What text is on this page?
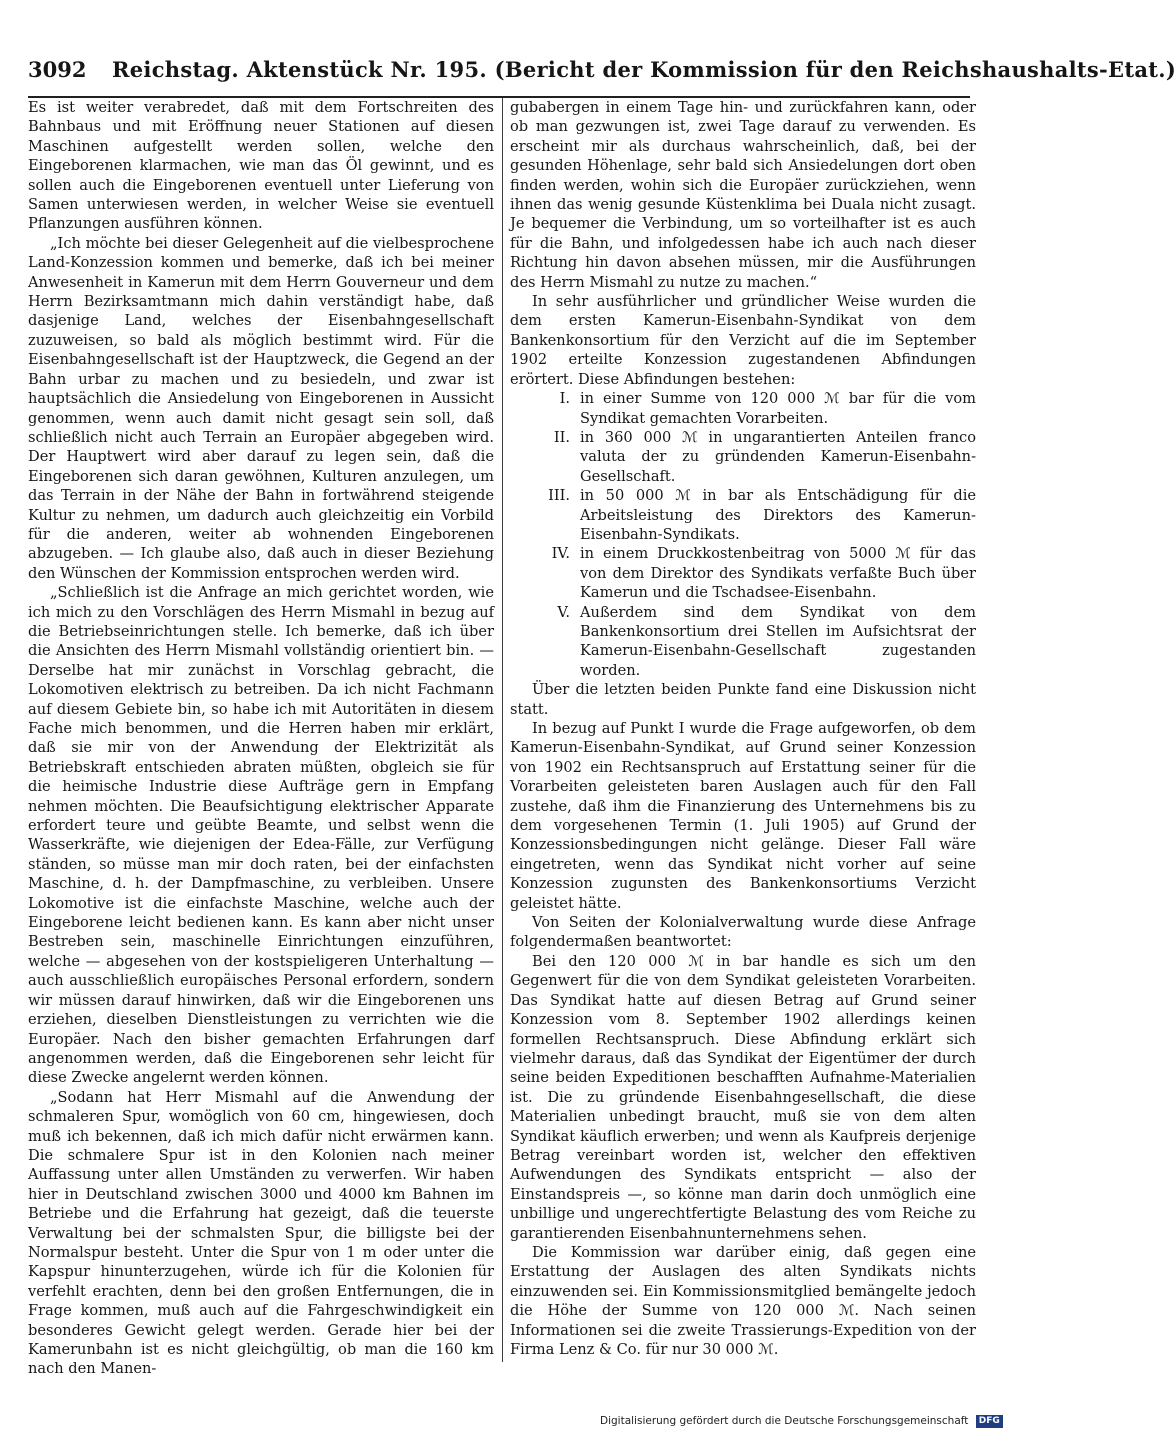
3092 Reichstag. Aktenstück Nr. 195. (Bericht der Kommission für den Reichshaushalts-Etat.)

Es ist weiter verabredet, daß mit dem Fortschreiten des Bahnbaus und mit Eröffnung neuer Stationen auf diesen Maschinen aufgestellt werden sollen, welche den Eingeborenen klarmachen, wie man das Öl gewinnt, und es sollen auch die Eingeborenen eventuell unter Lieferung von Samen unterwiesen werden, in welcher Weise sie eventuell Pflanzungen ausführen können.

„Ich möchte bei dieser Gelegenheit auf die vielbesprochene Land-Konzession kommen und bemerke, daß ich bei meiner Anwesenheit in Kamerun mit dem Herrn Gouverneur und dem Herrn Bezirksamtmann mich dahin verständigt habe, daß dasjenige Land, welches der Eisenbahngesellschaft zuzuweisen, so bald als möglich bestimmt wird. Für die Eisenbahngesellschaft ist der Hauptzweck, die Gegend an der Bahn urbar zu machen und zu besiedeln, und zwar ist hauptsächlich die Ansiedelung von Eingeborenen in Aussicht genommen, wenn auch damit nicht gesagt sein soll, daß schließlich nicht auch Terrain an Europäer abgegeben wird. Der Hauptwert wird aber darauf zu legen sein, daß die Eingeborenen sich daran gewöhnen, Kulturen anzulegen, um das Terrain in der Nähe der Bahn in fortwährend steigende Kultur zu nehmen, um dadurch auch gleichzeitig ein Vorbild für die anderen, weiter ab wohnenden Eingeborenen abzugeben. — Ich glaube also, daß auch in dieser Beziehung den Wünschen der Kommission entsprochen werden wird.

„Schließlich ist die Anfrage an mich gerichtet worden, wie ich mich zu den Vorschlägen des Herrn Mismahl in bezug auf die Betriebseinrichtungen stelle. Ich bemerke, daß ich über die Ansichten des Herrn Mismahl vollständig orientiert bin. — Derselbe hat mir zunächst in Vorschlag gebracht, die Lokomotiven elektrisch zu betreiben. Da ich nicht Fachmann auf diesem Gebiete bin, so habe ich mit Autoritäten in diesem Fache mich benommen, und die Herren haben mir erklärt, daß sie mir von der Anwendung der Elektrizität als Betriebskraft entschieden abraten müßten, obgleich sie für die heimische Industrie diese Aufträge gern in Empfang nehmen möchten. Die Beaufsichtigung elektrischer Apparate erfordert teure und geübte Beamte, und selbst wenn die Wasserkräfte, wie diejenigen der Edea-Fälle, zur Verfügung ständen, so müsse man mir doch raten, bei der einfachsten Maschine, d. h. der Dampfmaschine, zu verbleiben. Unsere Lokomotive ist die einfachste Maschine, welche auch der Eingeborene leicht bedienen kann. Es kann aber nicht unser Bestreben sein, maschinelle Einrichtungen einzuführen, welche — abgesehen von der kostspieligeren Unterhaltung — auch ausschließlich europäisches Personal erfordern, sondern wir müssen darauf hinwirken, daß wir die Eingeborenen uns erziehen, dieselben Dienstleistungen zu verrichten wie die Europäer. Nach den bisher gemachten Erfahrungen darf angenommen werden, daß die Eingeborenen sehr leicht für diese Zwecke angelernt werden können.

„Sodann hat Herr Mismahl auf die Anwendung der schmaleren Spur, womöglich von 60 cm, hingewiesen, doch muß ich bekennen, daß ich mich dafür nicht erwärmen kann. Die schmalere Spur ist in den Kolonien nach meiner Auffassung unter allen Umständen zu verwerfen. Wir haben hier in Deutschland zwischen 3000 und 4000 km Bahnen im Betriebe und die Erfahrung hat gezeigt, daß die teuerste Verwaltung bei der schmalsten Spur, die billigste bei der Normalspur besteht. Unter die Spur von 1 m oder unter die Kapspur hinunterzugehen, würde ich für die Kolonien für verfehlt erachten, denn bei den großen Entfernungen, die in Frage kommen, muß auch auf die Fahrgeschwindigkeit ein besonderes Gewicht gelegt werden. Gerade hier bei der Kamerunbahn ist es nicht gleichgültig, ob man die 160 km nach den Manen-

gubabergen in einem Tage hin- und zurückfahren kann, oder ob man gezwungen ist, zwei Tage darauf zu verwenden. Es erscheint mir als durchaus wahrscheinlich, daß, bei der gesunden Höhenlage, sehr bald sich Ansiedelungen dort oben finden werden, wohin sich die Europäer zurückziehen, wenn ihnen das wenig gesunde Küstenklima bei Duala nicht zusagt. Je bequemer die Verbindung, um so vorteilhafter ist es auch für die Bahn, und infolgedessen habe ich auch nach dieser Richtung hin davon absehen müssen, mir die Ausführungen des Herrn Mismahl zu nutze zu machen.“

In sehr ausführlicher und gründlicher Weise wurden die dem ersten Kamerun-Eisenbahn-Syndikat von dem Bankenkonsortium für den Verzicht auf die im September 1902 erteilte Konzession zugestandenen Abfindungen erörtert. Diese Abfindungen bestehen:

I. in einer Summe von 120 000 ℳ bar für die vom Syndikat gemachten Vorarbeiten.
II. in 360 000 ℳ in ungarantierten Anteilen franco valuta der zu gründenden Kamerun-Eisenbahn-Gesellschaft.
III. in 50 000 ℳ in bar als Entschädigung für die Arbeitsleistung des Direktors des Kamerun-Eisenbahn-Syndikats.
IV. in einem Druckkostenbeitrag von 5000 ℳ für das von dem Direktor des Syndikats verfaßte Buch über Kamerun und die Tschadsee-Eisenbahn.
V. Außerdem sind dem Syndikat von dem Bankenkonsortium drei Stellen im Aufsichtsrat der Kamerun-Eisenbahn-Gesellschaft zugestanden worden.

Über die letzten beiden Punkte fand eine Diskussion nicht statt.

In bezug auf Punkt I wurde die Frage aufgeworfen, ob dem Kamerun-Eisenbahn-Syndikat, auf Grund seiner Konzession von 1902 ein Rechtsanspruch auf Erstattung seiner für die Vorarbeiten geleisteten baren Auslagen auch für den Fall zustehe, daß ihm die Finanzierung des Unternehmens bis zu dem vorgesehenen Termin (1. Juli 1905) auf Grund der Konzessionsbedingungen nicht gelänge. Dieser Fall wäre eingetreten, wenn das Syndikat nicht vorher auf seine Konzession zugunsten des Bankenkonsortiums Verzicht geleistet hätte.

Von Seiten der Kolonialverwaltung wurde diese Anfrage folgendermaßen beantwortet:

Bei den 120 000 ℳ in bar handle es sich um den Gegenwert für die von dem Syndikat geleisteten Vorarbeiten. Das Syndikat hatte auf diesen Betrag auf Grund seiner Konzession vom 8. September 1902 allerdings keinen formellen Rechtsanspruch. Diese Abfindung erklärt sich vielmehr daraus, daß das Syndikat der Eigentümer der durch seine beiden Expeditionen beschafften Aufnahme-Materialien ist. Die zu gründende Eisenbahngesellschaft, die diese Materialien unbedingt braucht, muß sie von dem alten Syndikat käuflich erwerben; und wenn als Kaufpreis derjenige Betrag vereinbart worden ist, welcher den effektiven Aufwendungen des Syndikats entspricht — also der Einstandspreis —, so könne man darin doch unmöglich eine unbillige und ungerechtfertigte Belastung des vom Reiche zu garantierenden Eisenbahnunternehmens sehen.

Die Kommission war darüber einig, daß gegen eine Erstattung der Auslagen des alten Syndikats nichts einzuwenden sei. Ein Kommissionsmitglied bemängelte jedoch die Höhe der Summe von 120 000 ℳ. Nach seinen Informationen sei die zweite Trassierungs-Expedition von der Firma Lenz & Co. für nur 30 000 ℳ.

Digitalisierung gefördert durch die Deutsche Forschungsgemeinschaft DFG
